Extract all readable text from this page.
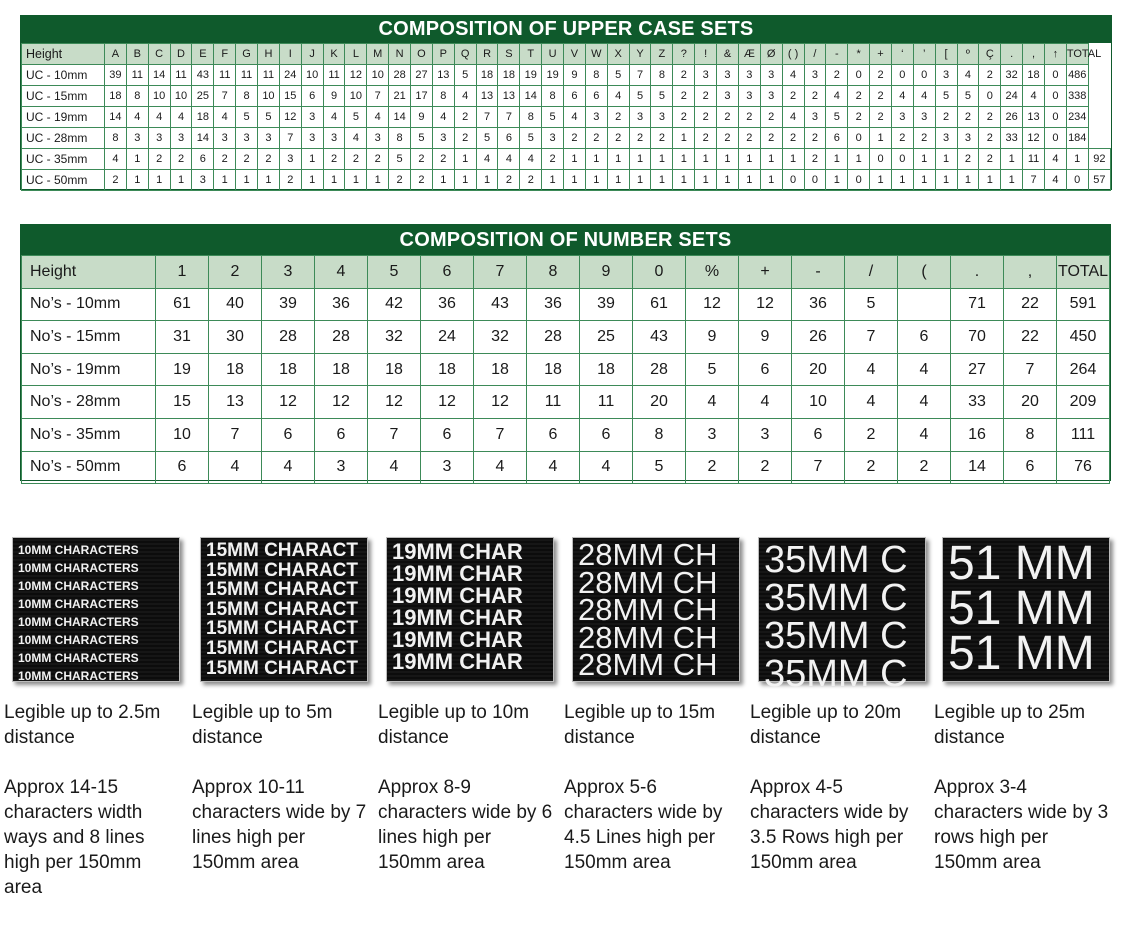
COMPOSITION OF UPPER CASE SETS
Height	A	B	C	D	E	F	G	H	I	J	K	L	M	N	O	P	Q	R	S	T	U	V	W	X	Y	Z	?	!	&	Æ	Ø	( )	/	-	*	+	‘	’	[	º	Ç	.	,	↑	TOTAL	
UC - 10mm	39	11	14	11	43	11	11	11	24	10	11	12	10	28	27	13	5	18	18	19	19	9	8	5	7	8	2	3	3	3	3	4	3	2	0	2	0	0	3	4	2	32	18	0	486	
UC - 15mm	18	8	10	10	25	7	8	10	15	6	9	10	7	21	17	8	4	13	13	14	8	6	6	4	5	5	2	2	3	3	3	2	2	4	2	2	4	4	5	5	0	24	4	0	338	
UC - 19mm	14	4	4	4	18	4	5	5	12	3	4	5	4	14	9	4	2	7	7	8	5	4	3	2	3	3	2	2	2	2	2	4	3	5	2	2	3	3	2	2	2	26	13	0	234	
UC - 28mm	8	3	3	3	14	3	3	3	7	3	3	4	3	8	5	3	2	5	6	5	3	2	2	2	2	2	1	2	2	2	2	2	2	6	0	1	2	2	3	3	2	33	12	0	184	
UC - 35mm	4	1	2	2	6	2	2	2	3	1	2	2	2	5	2	2	1	4	4	4	2	1	1	1	1	1	1	1	1	1	1	1	2	1	1	0	0	1	1	2	2	1	11	4	1	92
UC - 50mm	2	1	1	1	3	1	1	1	2	1	1	1	1	2	2	1	1	1	2	2	1	1	1	1	1	1	1	1	1	1	1	0	0	1	0	1	1	1	1	1	1	1	7	4	0	57
COMPOSITION OF NUMBER SETS
Height	1	2	3	4	5	6	7	8	9	0	%	+	-	/	(	.	,	TOTAL
No’s - 10mm	61	40	39	36	42	36	43	36	39	61	12	12	36	5		71	22	591
No’s - 15mm	31	30	28	28	32	24	32	28	25	43	9	9	26	7	6	70	22	450
No’s - 19mm	19	18	18	18	18	18	18	18	18	28	5	6	20	4	4	27	7	264
No’s - 28mm	15	13	12	12	12	12	12	11	11	20	4	4	10	4	4	33	20	209
No’s - 35mm	10	7	6	6	7	6	7	6	6	8	3	3	6	2	4	16	8	111
No’s - 50mm	6	4	4	3	4	3	4	4	4	5	2	2	7	2	2	14	6	76
10MM CHARACTERS
10MM CHARACTERS
10MM CHARACTERS
10MM CHARACTERS
10MM CHARACTERS
10MM CHARACTERS
10MM CHARACTERS
10MM CHARACTERS

Legible up to 2.5m distance

Approx 14-15 characters width ways and 8 lines high per 150mm area

15MM CHARACT
15MM CHARACT
15MM CHARACT
15MM CHARACT
15MM CHARACT
15MM CHARACT
15MM CHARACT

Legible up to 5m distance

Approx 10-11 characters wide by 7 lines high per 150mm area

19MM CHAR
19MM CHAR
19MM CHAR
19MM CHAR
19MM CHAR
19MM CHAR

Legible up to 10m distance

Approx 8-9 characters wide by 6 lines high per 150mm area

28MM CH
28MM CH
28MM CH
28MM CH
28MM CH

Legible up to 15m distance

Approx 5-6 characters wide by 4.5 Lines high per 150mm area

35MM C
35MM C
35MM C
35MM C

Legible up to 20m distance

Approx 4-5 characters wide by 3.5 Rows high per 150mm area

51 MM
51 MM
51 MM

Legible up to 25m distance

Approx 3-4 characters wide by 3 rows high per 150mm area
